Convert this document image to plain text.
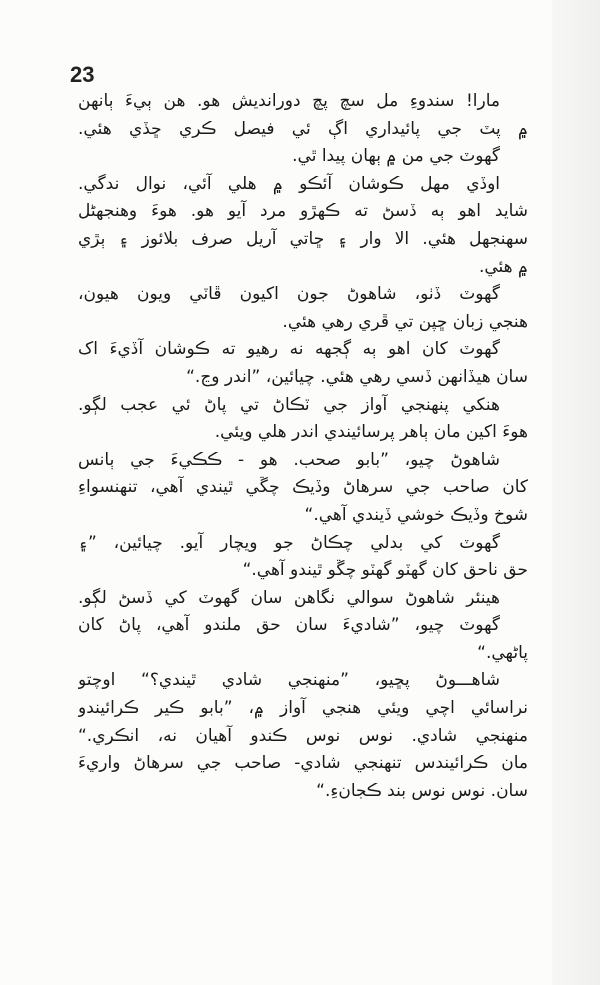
23
مارا! سندوءِ مل سچ پچ دورانديش هو. هن ٻيءَ ٻانهن
۾ پٽ جي پائيداري اڳ ئي فيصل ڪري ڇڏي هئي.
گهوٽ جي من ۾ ٻهان پيدا ٿي.
اوڏي مهل ڪوشان آئڪو ۾ هلي آئي، نوال ندگي.
شايد اهو ٻه ڏسڻ ته ڪهڙو مرد آيو هو. هوءَ وهنجهڻل
سهنجهل هئي. الا وار ۽ ڇاتي آريل صرف بلائوز ۽ ٻڙي
۾ هئي.
گهوٽ ڏٺو، شاهوڻ جون اکيون ڦاٽي ويون هيون،
هنجي زبان ڇپن تي ڦري رهي هئي.
گهوٽ کان اهو ٻه ڳجهه نه رهيو ته ڪوشان آڏيءَ اک
سان هيڏانهن ڏسي رهي هئي. چيائين، ”اندر وڃ.“
هنکي پنهنجي آواز جي ٽڪاڻ تي پاڻ ئي عجب لڳو.
هوءَ اکين مان ٻاهر پرسائيندي اندر هلي ويئي.
شاهوڻ چيو، ”بابو صحب. هو - ڪڪيءَ جي ٻانس
کان صاحب جي سرهاڻ وڏيڪ چڱي ٿيندي آهي، تنهنسواءِ
شوخ وڏيڪ خوشي ڏيندي آهي.“
گهوٽ کي بدلي چڪاڻ جو ويچار آيو. چيائين، ”۽
حق ناحق کان گهٽو گهٽو چڱو ٿيندو آهي.“
هينئر شاهوڻ سوالي نگاهن سان گهوٽ کي ڏسڻ لڳو.
گهوٽ چيو، ”شاديءَ سان حق ملندو آهي، پاڻ کان
پاڻهي.“
شاهـــوڻ پڇيو، ”منهنجي شادي ٿيندي؟“ اوچتو
نراسائي اچي ويئي هنجي آواز ۾، ”بابو ڪير ڪرائيندو
منهنجي شادي. نوس نوس ڪندو آهيان نه، انڪري.“
مان ڪرائيندس تنهنجي شادي- صاحب جي سرهاڻ واريءَ
سان. نوس نوس بند ڪجانءِ.“
